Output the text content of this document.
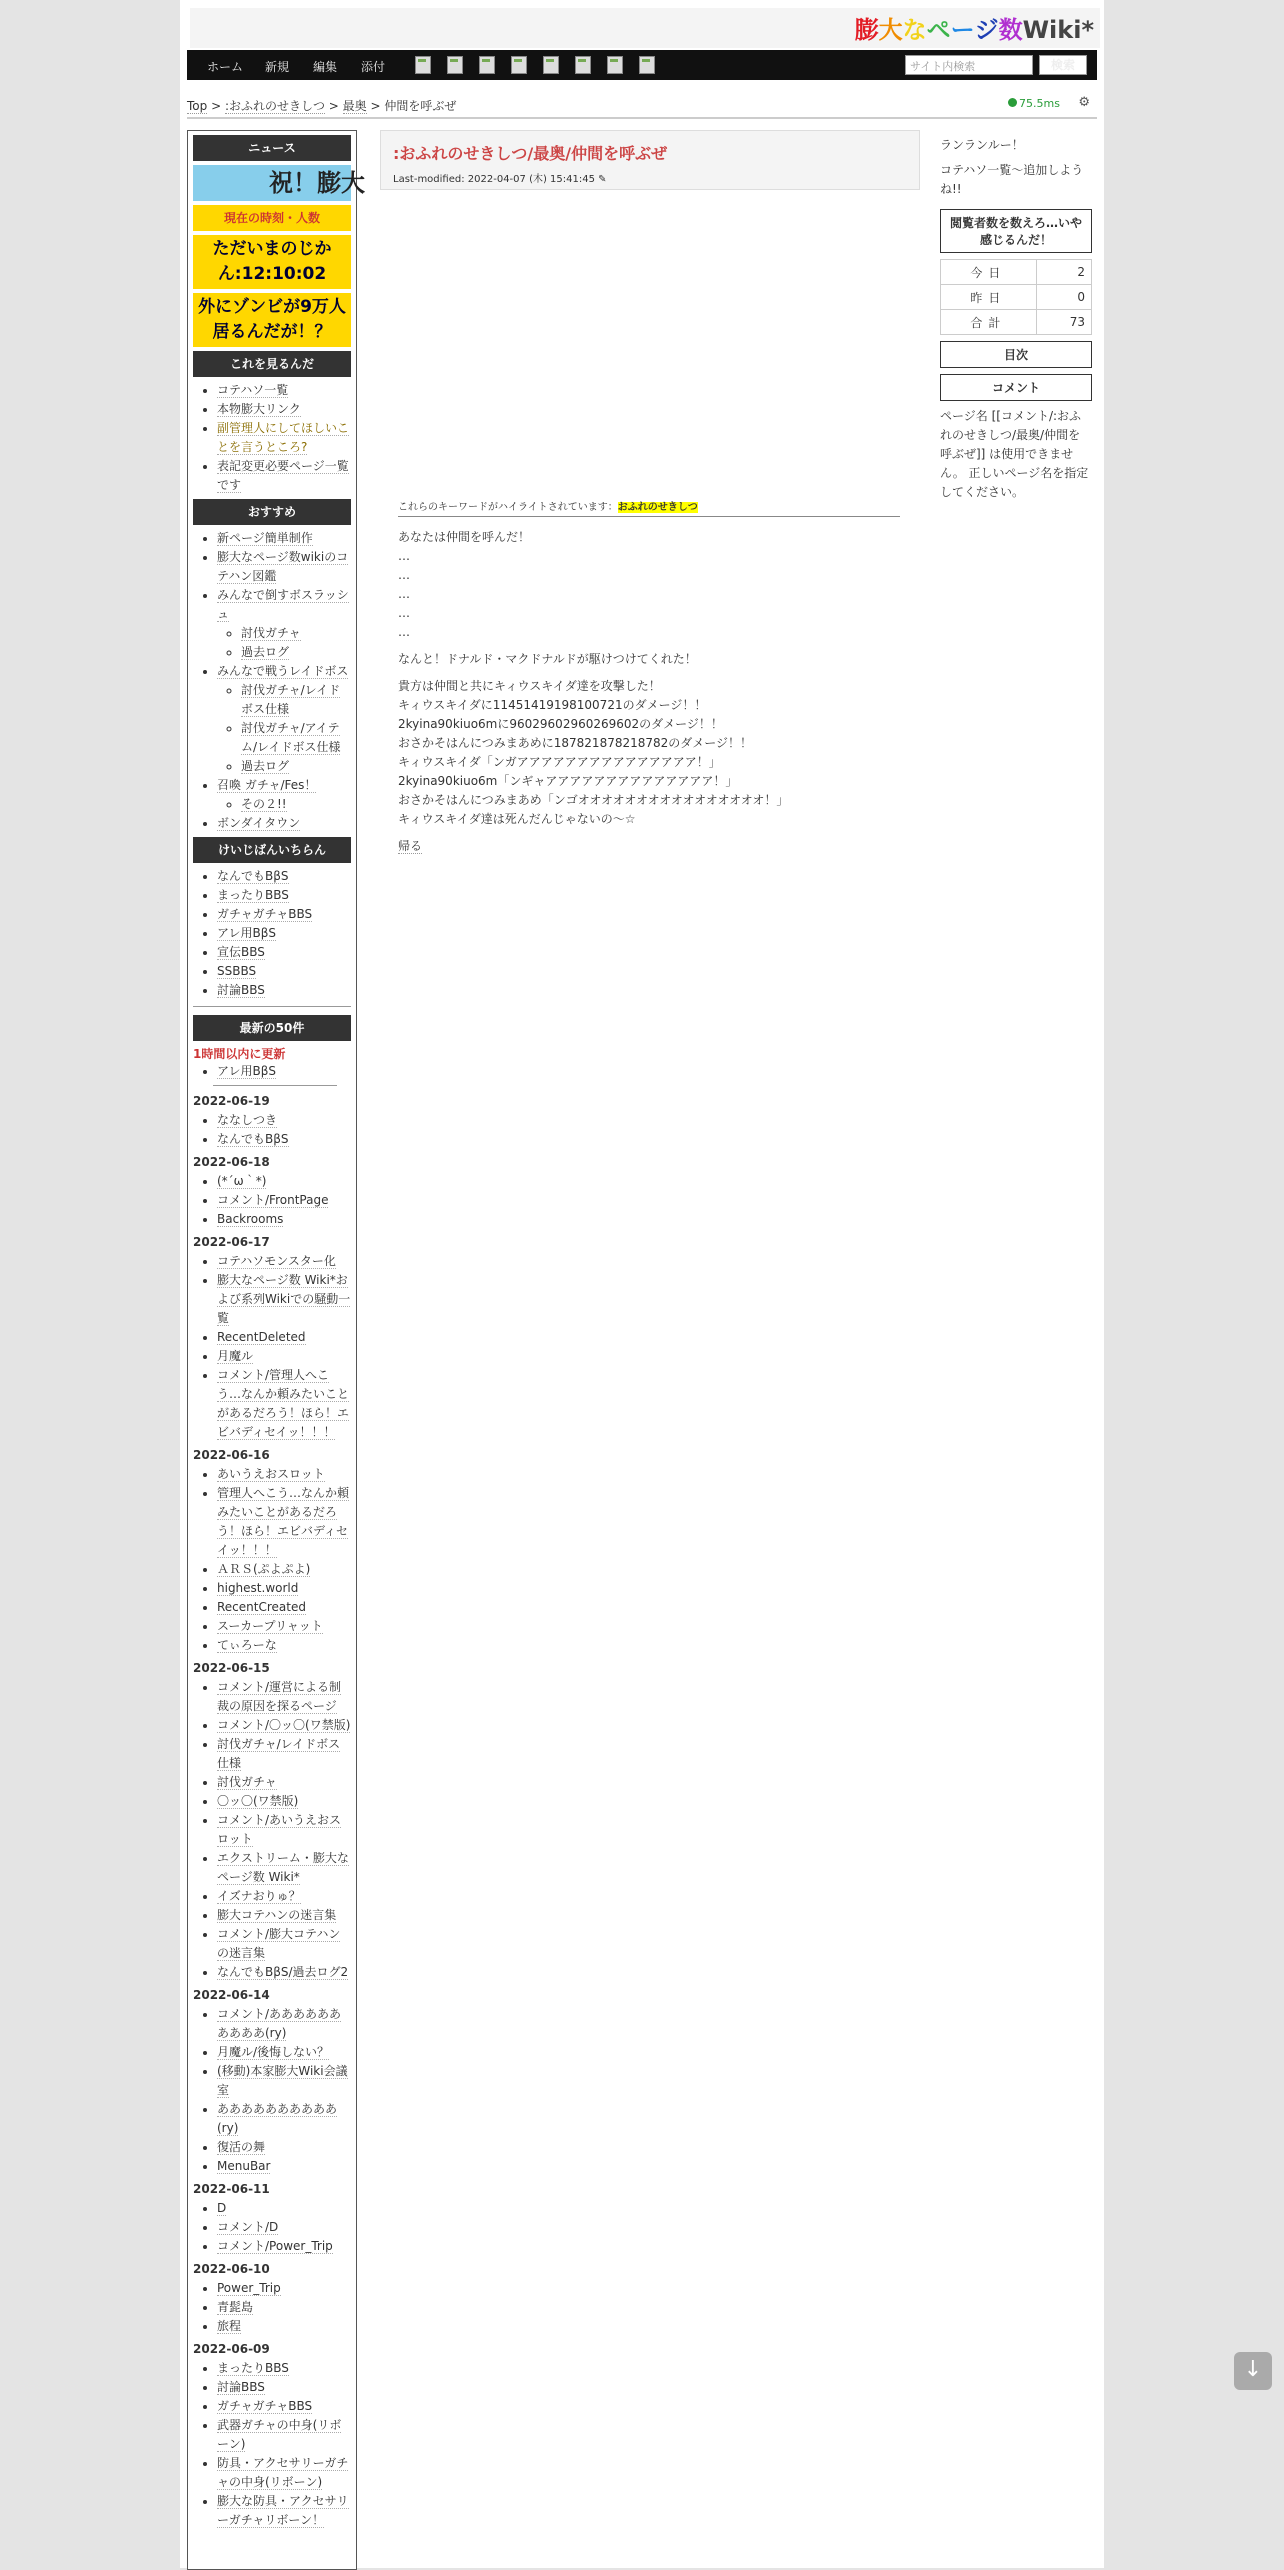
膨大なページ数Wiki*
ホーム 新規 編集 添付	サイト内検索	検索
Top > :おふれのせきしつ > 最奥 > 仲間を呼ぶぜ	75.5ms ⚙
ニュース
祝！膨大
現在の時刻・人数
ただいまのじかん:12:10:02
外にゾンビが9万人居るんだが！？
これを見るんだ
• コテハソ一覧
• 本物膨大リンク
• 副管理人にしてほしいことを言うところ?
• 表記変更必要ページ一覧です
おすすめ
• 新ページ簡単制作
• 膨大なページ数wikiのコテハン図鑑
• みんなで倒すボスラッシュ
◦ 討伐ガチャ
◦ 過去ログ
• みんなで戦うレイドボス
◦ 討伐ガチャ/レイドボス仕様
◦ 討伐ガチャ/アイテム/レイドボス仕様
◦ 過去ログ
• 召喚 ガチャ/Fes！
◦ その２!!
• ボンダイタウン
けいじばんいちらん
• なんでもBβS
• まったりBBS
• ガチャガチャBBS
• アレ用BβS
• 宣伝BBS
• SSBBS
• 討論BBS
最新の50件
1時間以内に更新
• アレ用BβS
2022-06-19
• ななしつき
• なんでもBβS
2022-06-18
• (*´ω｀*)
• コメント/FrontPage
• Backrooms
2022-06-17
• コテハソモンスター化
• 膨大なページ数 Wiki*および系列Wikiでの騒動一覧
• RecentDeleted
• 月魔ル
• コメント/管理人へこう…なんか頼みたいことがあるだろう！ほら！エビバディセイッ！！！
2022-06-16
• あいうえおスロット
• 管理人へこう…なんか頼みたいことがあるだろう！ほら！エビバディセイッ！！！
• ＡＲＳ(ぷよぷよ)
• highest.world
• RecentCreated
• スーカープリャット
• てぃろーな
2022-06-15
• コメント/運営による制裁の原因を探るページ
• コメント/〇ッ〇(ワ禁版)
• 討伐ガチャ/レイドボス仕様
• 討伐ガチャ
• 〇ッ〇(ワ禁版)
• コメント/あいうえおスロット
• エクストリーム・膨大なページ数 Wiki*
• イズナおりゅ？
• 膨大コテハンの迷言集
• コメント/膨大コテハンの迷言集
• なんでもBβS/過去ログ2
2022-06-14
• コメント/ああああああああああ(ry)
• 月魔ル/後悔しない？
• (移動)本家膨大Wiki会議室
• ああああああああああ(ry)
• 復活の舞
• MenuBar
2022-06-11
• D
• コメント/D
• コメント/Power_Trip
2022-06-10
• Power_Trip
• 青髭島
• 旅程
2022-06-09
• まったりBBS
• 討論BBS
• ガチャガチャBBS
• 武器ガチャの中身(リボーン)
• 防具・アクセサリーガチャの中身(リボーン)
• 膨大な防具・アクセサリーガチャリボーン！
:おふれのせきしつ/最奥/仲間を呼ぶぜ
Last-modified: 2022-04-07 (木) 15:41:45 ✎
これらのキーワードがハイライトされています：おふれのせきしつ

あなたは仲間を呼んだ！
…
…
…
…
…

なんと！ドナルド・マクドナルドが駆けつけてくれた！

貴方は仲間と共にキィウスキイダ達を攻撃した！
キィウスキイダに11451419198100721のダメージ！！
2kyina90kiuo6mに96029602960269602のダメージ！！
おさかそはんにつみまあめに187821878218782のダメージ！！
キィウスキイダ「ンガアアアアアアアアアアアアアアア！」
2kyina90kiuo6m「ンギャアアアアアアアアアアアアアア！」
おさかそはんにつみまあめ「ンゴオオオオオオオオオオオオオオオオ！」
キィウスキイダ達は死んだんじゃないの～☆

帰る
ランランルー！
コテハソ一覧～追加しようね!!
閲覧者数を数えろ…いや感じるんだ！
今日	2
昨日	0
合計	73
目次
コメント
ページ名 [[コメント/:おふれのせきしつ/最奥/仲間を呼ぶぜ]] は使用できません。 正しいページ名を指定してください。
↓
